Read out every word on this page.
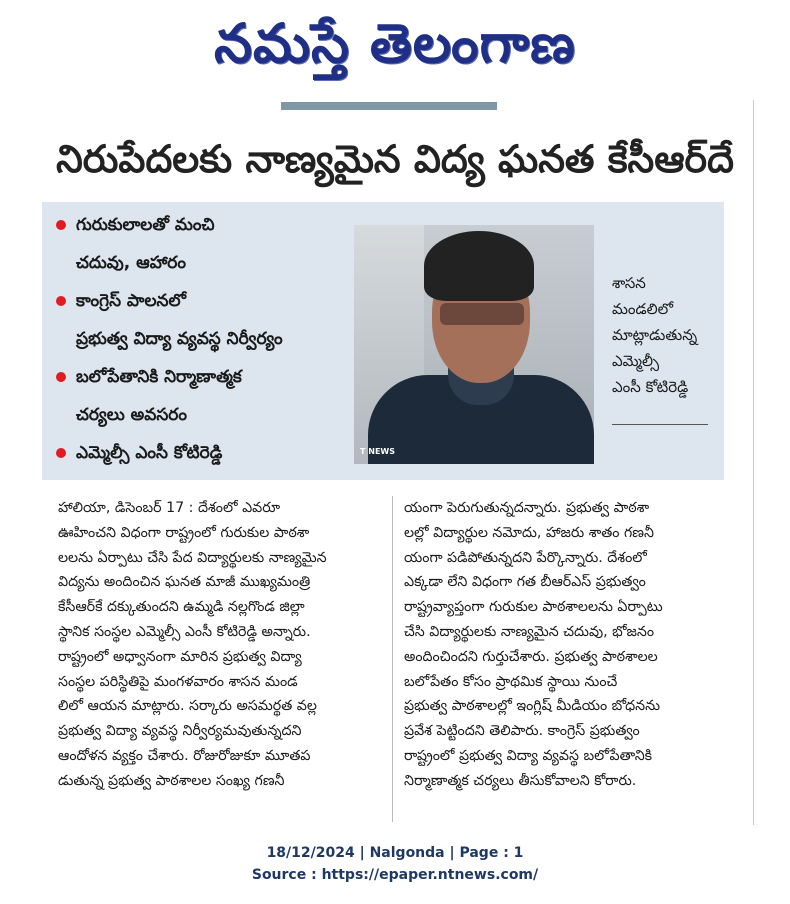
నమస్తే తెలంగాణ
నిరుపేదలకు నాణ్యమైన విద్య ఘనత కేసీఆర్‌దే
గురుకులాలతో మంచి
చదువు, ఆహారం
కాంగ్రెస్ పాలనలో
ప్రభుత్వ విద్యా వ్యవస్థ నిర్వీర్యం
బలోపేతానికి నిర్మాణాత్మక
చర్యలు అవసరం
ఎమ్మెల్సీ ఎంసీ కోటిరెడ్డి	T NEWS
శాసన
మండలిలో
మాట్లాడుతున్న
ఎమ్మెల్సీ
ఎంసీ కోటిరెడ్డి
హాలియా, డిసెంబర్ 17 : దేశంలో ఎవరూ
ఊహించని విధంగా రాష్ట్రంలో గురుకుల పాఠశా
లలను ఏర్పాటు చేసి పేద విద్యార్థులకు నాణ్యమైన
విద్యను అందించిన ఘనత మాజీ ముఖ్యమంత్రి
కేసీఆర్‌కే దక్కుతుందని ఉమ్మడి నల్లగొండ జిల్లా
స్థానిక సంస్థల ఎమ్మెల్సీ ఎంసీ కోటిరెడ్డి అన్నారు.
రాష్ట్రంలో అధ్వానంగా మారిన ప్రభుత్వ విద్యా
సంస్థల పరిస్థితిపై మంగళవారం శాసన మండ
లిలో ఆయన మాట్లారు. సర్కారు అసమర్థత వల్ల
ప్రభుత్వ విద్యా వ్యవస్థ నిర్వీర్యమవుతున్నదని
ఆందోళన వ్యక్తం చేశారు. రోజురోజుకూ మూతప
డుతున్న ప్రభుత్వ పాఠశాలల సంఖ్య గణనీ
యంగా పెరుగుతున్నదన్నారు. ప్రభుత్వ పాఠశా
లల్లో విద్యార్థుల నమోదు, హాజరు శాతం గణనీ
యంగా పడిపోతున్నదని పేర్కొన్నారు. దేశంలో
ఎక్కడా లేని విధంగా గత బీఆర్‌ఎస్ ప్రభుత్వం
రాష్ట్రవ్యాప్తంగా గురుకుల పాఠశాలలను ఏర్పాటు
చేసి విద్యార్థులకు నాణ్యమైన చదువు, భోజనం
అందించిందని గుర్తుచేశారు. ప్రభుత్వ పాఠశాలల
బలోపేతం కోసం ప్రాథమిక స్థాయి నుంచే
ప్రభుత్వ పాఠశాలల్లో ఇంగ్లిష్ మీడియం బోధనను
ప్రవేశ పెట్టిందని తెలిపారు. కాంగ్రెస్ ప్రభుత్వం
రాష్ట్రంలో ప్రభుత్వ విద్యా వ్యవస్థ బలోపేతానికి
నిర్మాణాత్మక చర్యలు తీసుకోవాలని కోరారు.
18/12/2024 | Nalgonda | Page : 1
Source : https://epaper.ntnews.com/
